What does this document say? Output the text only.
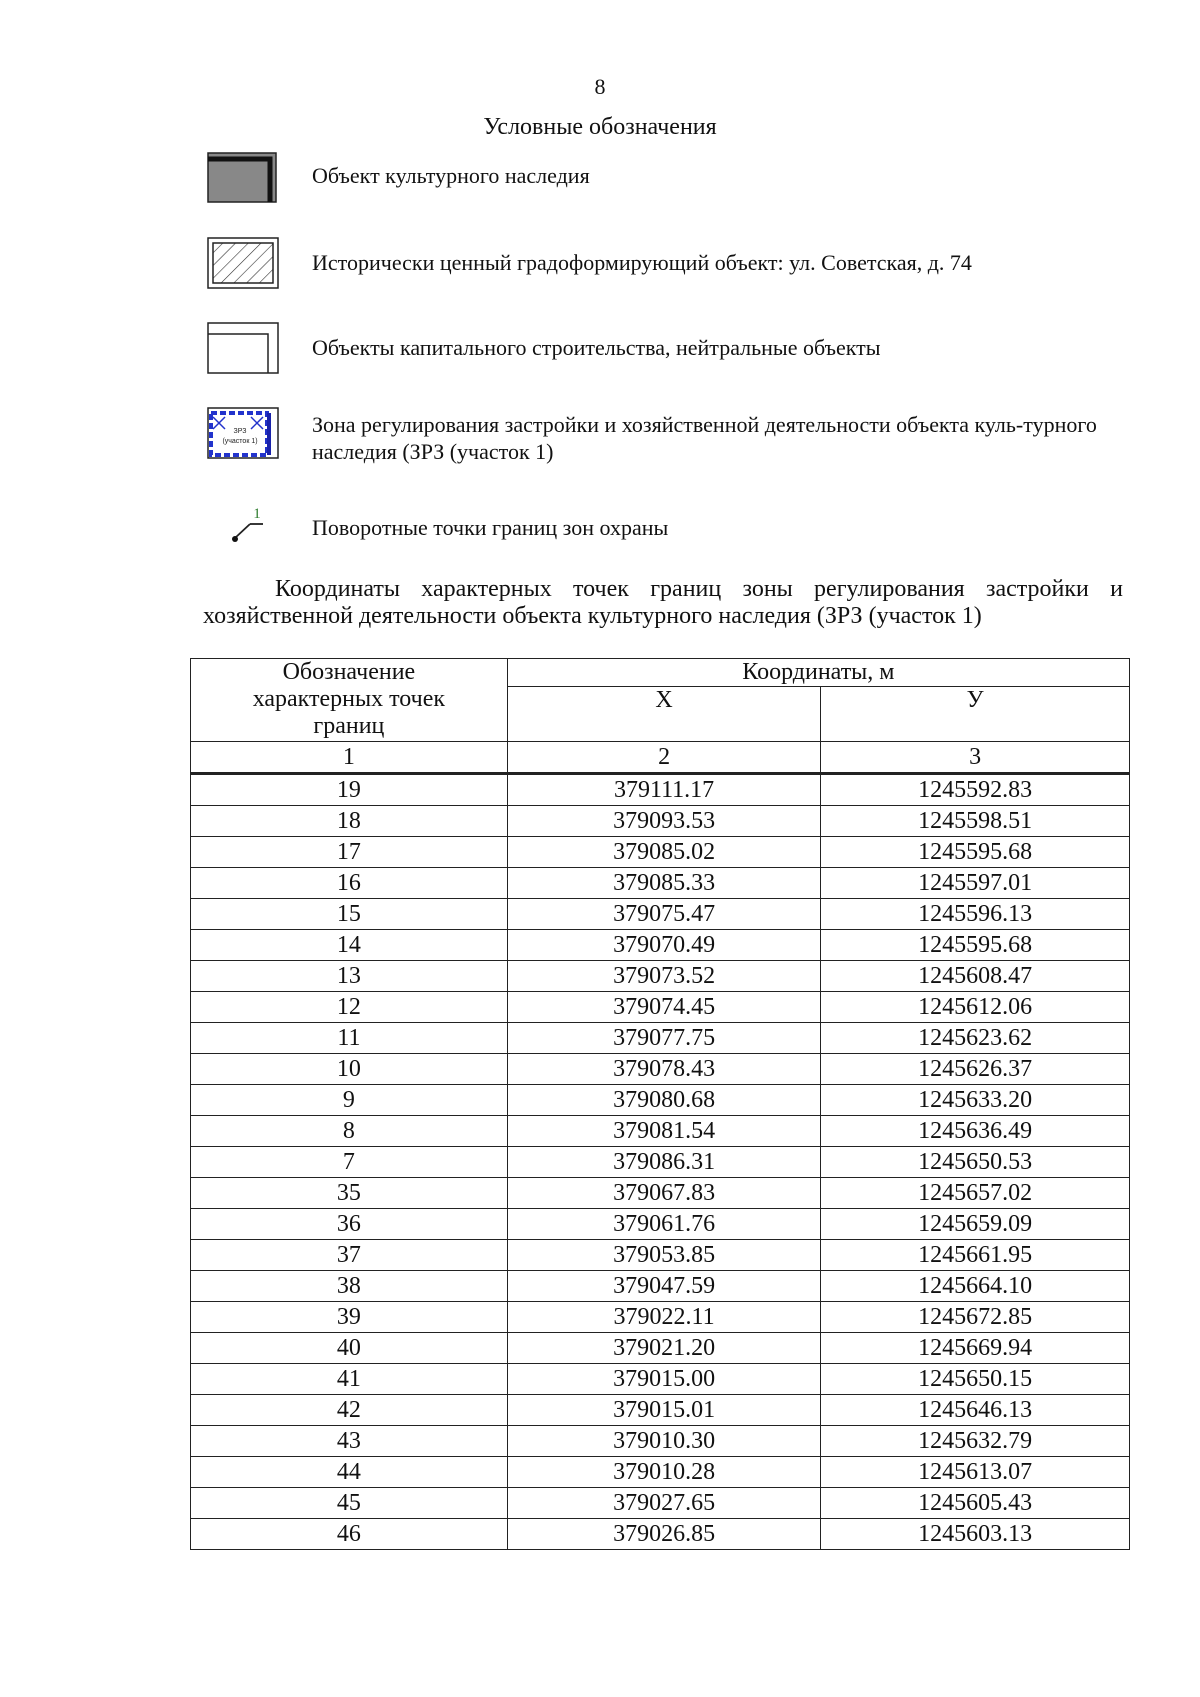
8
Условные обозначения
Объект культурного наследия
Исторически ценный градоформирующий объект: ул. Советская, д. 74
Объекты капитального строительства, нейтральные объекты
ЗРЗ
(участок 1)
Зона регулирования застройки и хозяйственной деятельности объекта куль-турного наследия (ЗРЗ (участок 1)
1
Поворотные точки границ зон охраны
Координаты характерных точек границ зоны регулирования застройки и хозяйственной деятельности объекта культурного наследия (ЗРЗ (участок 1)
Обозначение характерных точек границ	Координаты, м	
	Х	У
1	2	3
19	379111.17	1245592.83
18	379093.53	1245598.51
17	379085.02	1245595.68
16	379085.33	1245597.01
15	379075.47	1245596.13
14	379070.49	1245595.68
13	379073.52	1245608.47
12	379074.45	1245612.06
11	379077.75	1245623.62
10	379078.43	1245626.37
9	379080.68	1245633.20
8	379081.54	1245636.49
7	379086.31	1245650.53
35	379067.83	1245657.02
36	379061.76	1245659.09
37	379053.85	1245661.95
38	379047.59	1245664.10
39	379022.11	1245672.85
40	379021.20	1245669.94
41	379015.00	1245650.15
42	379015.01	1245646.13
43	379010.30	1245632.79
44	379010.28	1245613.07
45	379027.65	1245605.43
46	379026.85	1245603.13
